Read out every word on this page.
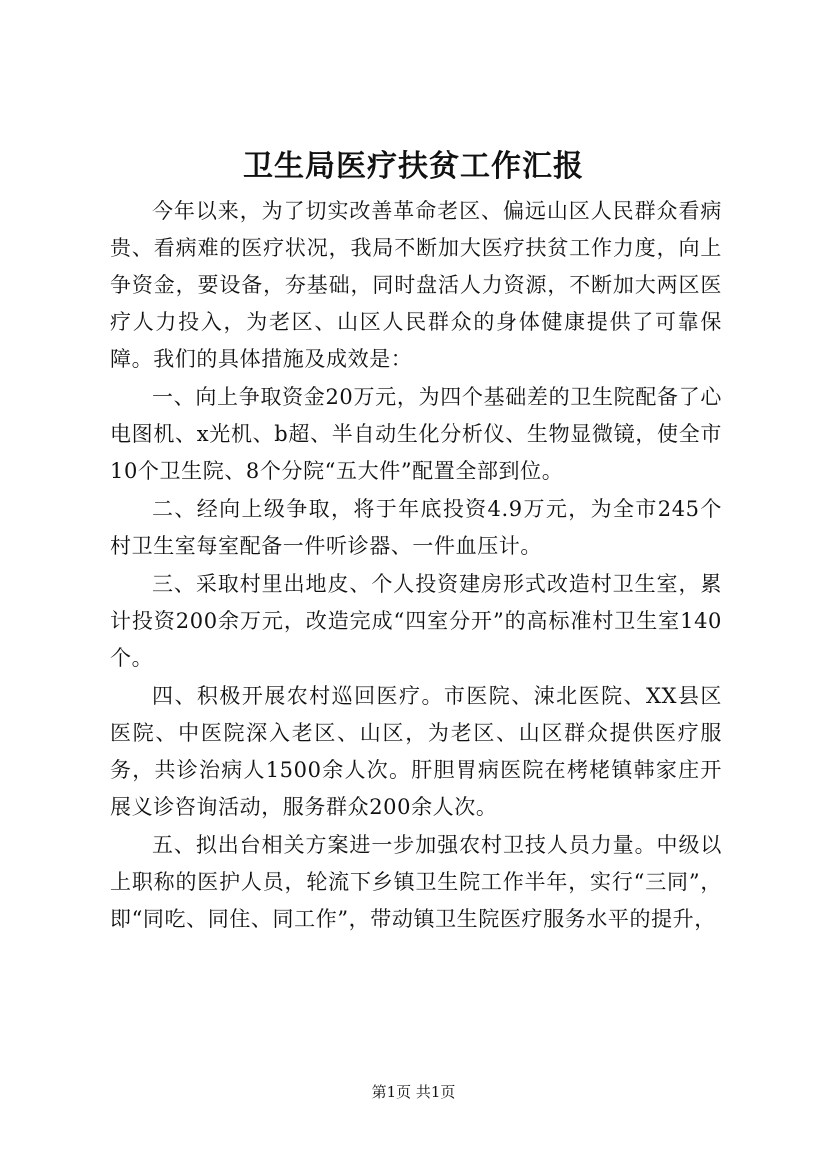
卫生局医疗扶贫工作汇报

今年以来，为了切实改善革命老区、偏远山区人民群众看病贵、看病难的医疗状况，我局不断加大医疗扶贫工作力度，向上争资金，要设备，夯基础，同时盘活人力资源，不断加大两区医疗人力投入，为老区、山区人民群众的身体健康提供了可靠保障。我们的具体措施及成效是：

一、向上争取资金20万元，为四个基础差的卫生院配备了心电图机、x光机、b超、半自动生化分析仪、生物显微镜，使全市10个卫生院、8个分院“五大件”配置全部到位。

二、经向上级争取，将于年底投资4.9万元，为全市245个村卫生室每室配备一件听诊器、一件血压计。

三、采取村里出地皮、个人投资建房形式改造村卫生室，累计投资200余万元，改造完成“四室分开”的高标准村卫生室140个。

四、积极开展农村巡回医疗。市医院、涑北医院、XX县区医院、中医院深入老区、山区，为老区、山区群众提供医疗服务，共诊治病人1500余人次。肝胆胃病医院在栲栳镇韩家庄开展义诊咨询活动，服务群众200余人次。

五、拟出台相关方案进一步加强农村卫技人员力量。中级以上职称的医护人员，轮流下乡镇卫生院工作半年，实行“三同”，即“同吃、同住、同工作”，带动镇卫生院医疗服务水平的提升，

第1页 共1页
